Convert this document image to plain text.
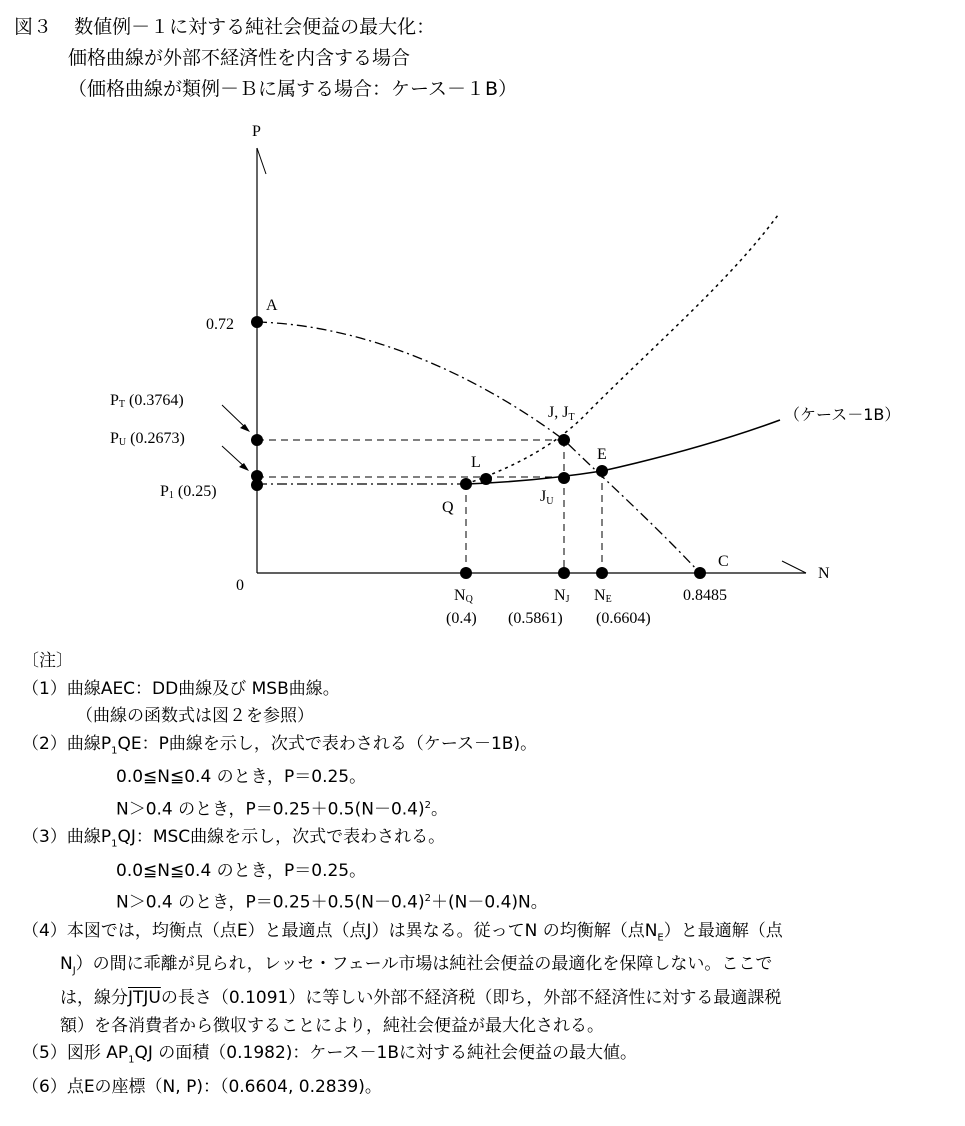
図３ 数値例－１に対する純社会便益の最大化：
価格曲線が外部不経済性を内含する場合
（価格曲線が類例－Ｂに属する場合：ケース－１B）
P
N
0
A
J, JT
E
L
Q
JU
C
（ケース－1B）
0.72
PT (0.3764)
PU (0.2673)
P1 (0.25)
NQ
(0.4)
NJ
(0.5861)
NE
(0.6604)
0.8485
〔注〕
（1）曲線AEC：DD曲線及び MSB曲線。
（曲線の函数式は図２を参照）
（2）曲線$P_1QE$：P曲線を示し，次式で表わされる（ケース－1B)。
0.0≦N≦0.4 のとき，P＝0.25。
N＞0.4 のとき，$P=0.25+0.5(N-0.4)^2$。
（3）曲線$P_1QJ$：MSC曲線を示し，次式で表わされる。
0.0≦N≦0.4 のとき，P＝0.25。
N＞0.4 のとき，$P=0.25+0.5(N-0.4)^2+(N-0.4)N$。
（4）本図では，均衡点（点E）と最適点（点J）は異なる。従ってN の均衡解（点$N_E$）と最適解（点
$N_J$）の間に乖離が見られ，レッセ・フェール市場は純社会便益の最適化を保障しない。ここで
は，線分JTJUの長さ（0.1091）に等しい外部不経済税（即ち，外部不経済性に対する最適課税
額）を各消費者から徴収することにより，純社会便益が最大化される。
（5）図形 $AP_1QJ$ の面積（0.1982)：ケース－1Bに対する純社会便益の最大値。
（6）点Eの座標（N, P)：（0.6604, 0.2839)。
